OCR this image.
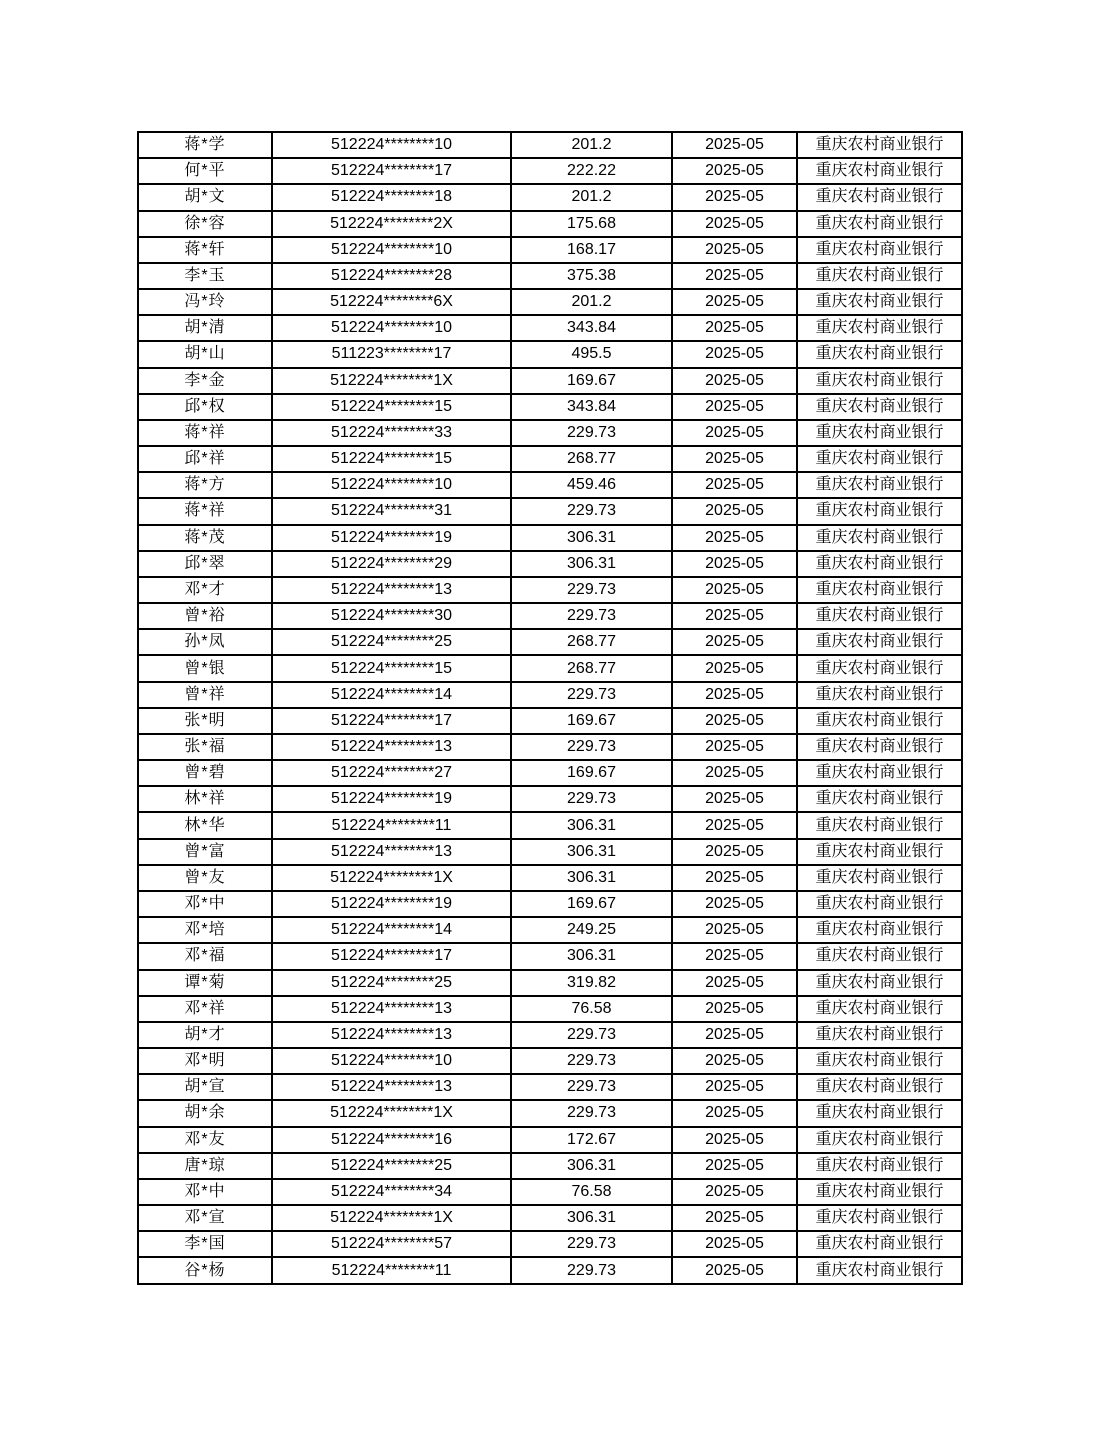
蒋*学	512224********10	201.2	2025-05	重庆农村商业银行
何*平	512224********17	222.22	2025-05	重庆农村商业银行
胡*文	512224********18	201.2	2025-05	重庆农村商业银行
徐*容	512224********2X	175.68	2025-05	重庆农村商业银行
蒋*轩	512224********10	168.17	2025-05	重庆农村商业银行
李*玉	512224********28	375.38	2025-05	重庆农村商业银行
冯*玲	512224********6X	201.2	2025-05	重庆农村商业银行
胡*清	512224********10	343.84	2025-05	重庆农村商业银行
胡*山	511223********17	495.5	2025-05	重庆农村商业银行
李*金	512224********1X	169.67	2025-05	重庆农村商业银行
邱*权	512224********15	343.84	2025-05	重庆农村商业银行
蒋*祥	512224********33	229.73	2025-05	重庆农村商业银行
邱*祥	512224********15	268.77	2025-05	重庆农村商业银行
蒋*方	512224********10	459.46	2025-05	重庆农村商业银行
蒋*祥	512224********31	229.73	2025-05	重庆农村商业银行
蒋*茂	512224********19	306.31	2025-05	重庆农村商业银行
邱*翠	512224********29	306.31	2025-05	重庆农村商业银行
邓*才	512224********13	229.73	2025-05	重庆农村商业银行
曾*裕	512224********30	229.73	2025-05	重庆农村商业银行
孙*凤	512224********25	268.77	2025-05	重庆农村商业银行
曾*银	512224********15	268.77	2025-05	重庆农村商业银行
曾*祥	512224********14	229.73	2025-05	重庆农村商业银行
张*明	512224********17	169.67	2025-05	重庆农村商业银行
张*福	512224********13	229.73	2025-05	重庆农村商业银行
曾*碧	512224********27	169.67	2025-05	重庆农村商业银行
林*祥	512224********19	229.73	2025-05	重庆农村商业银行
林*华	512224********11	306.31	2025-05	重庆农村商业银行
曾*富	512224********13	306.31	2025-05	重庆农村商业银行
曾*友	512224********1X	306.31	2025-05	重庆农村商业银行
邓*中	512224********19	169.67	2025-05	重庆农村商业银行
邓*培	512224********14	249.25	2025-05	重庆农村商业银行
邓*福	512224********17	306.31	2025-05	重庆农村商业银行
谭*菊	512224********25	319.82	2025-05	重庆农村商业银行
邓*祥	512224********13	76.58	2025-05	重庆农村商业银行
胡*才	512224********13	229.73	2025-05	重庆农村商业银行
邓*明	512224********10	229.73	2025-05	重庆农村商业银行
胡*宣	512224********13	229.73	2025-05	重庆农村商业银行
胡*余	512224********1X	229.73	2025-05	重庆农村商业银行
邓*友	512224********16	172.67	2025-05	重庆农村商业银行
唐*琼	512224********25	306.31	2025-05	重庆农村商业银行
邓*中	512224********34	76.58	2025-05	重庆农村商业银行
邓*宣	512224********1X	306.31	2025-05	重庆农村商业银行
李*国	512224********57	229.73	2025-05	重庆农村商业银行
谷*杨	512224********11	229.73	2025-05	重庆农村商业银行
